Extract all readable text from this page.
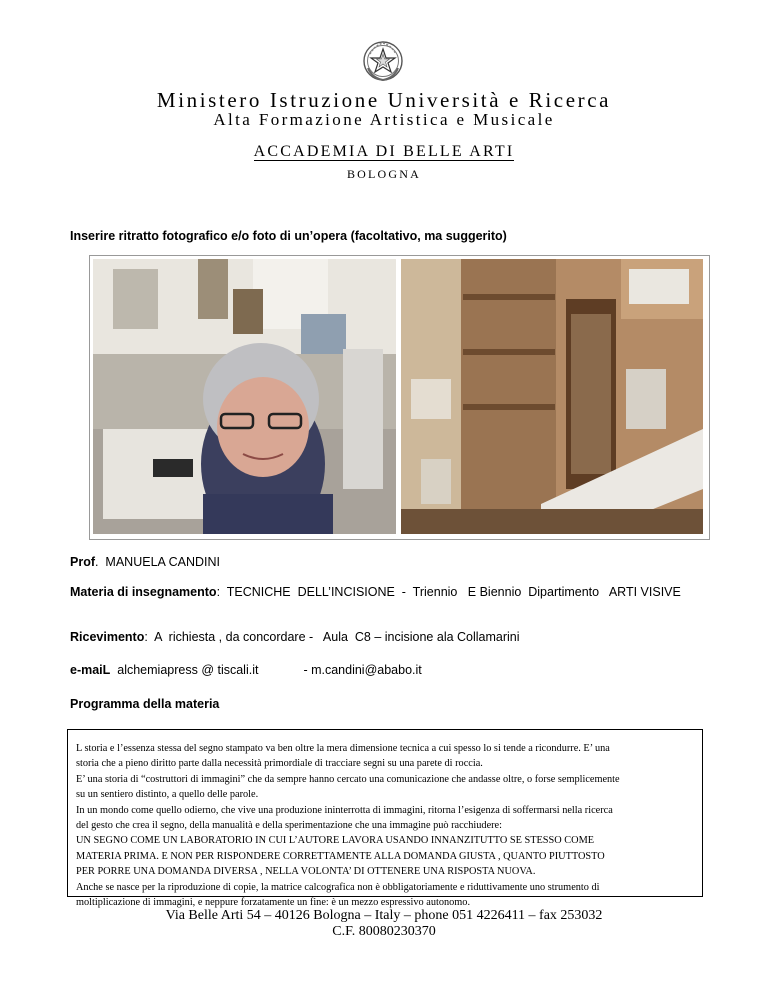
Ministero Istruzione Università e Ricerca
Alta Formazione Artistica e Musicale
ACCADEMIA DI BELLE ARTI
BOLOGNA
Inserire ritratto fotografico e/o foto di un’opera (facoltativo, ma suggerito)
Prof.  MANUELA CANDINI
Materia di insegnamento:  TECNICHE  DELL’INCISIONE  -  Triennio   E Biennio  Dipartimento   ARTI VISIVE
Ricevimento:  A  richiesta , da concordare -   Aula  C8 – incisione ala Collamarini
e-maiL alchemiapress @ tiscali.it	- m.candini@ababo.it
Programma della materia
L storia e l’essenza stessa del segno stampato va ben oltre la mera dimensione tecnica a cui spesso lo si tende a ricondurre. E’ una
storia che a pieno diritto parte dalla necessità primordiale di tracciare segni su una parete di roccia.
E’ una storia di “costruttori di immagini” che da sempre hanno cercato una comunicazione che andasse oltre, o forse semplicemente
su un sentiero distinto, a quello delle parole.
In un mondo come quello odierno, che vive una produzione ininterrotta di immagini, ritorna l’esigenza di soffermarsi nella ricerca
del gesto che crea il segno, della manualità e della sperimentazione che una immagine può racchiudere:
UN SEGNO COME UN LABORATORIO IN CUI L’AUTORE LAVORA USANDO INNANZITUTTO SE STESSO COME
MATERIA PRIMA. E NON PER RISPONDERE CORRETTAMENTE ALLA DOMANDA GIUSTA , QUANTO PIUTTOSTO
PER PORRE UNA DOMANDA DIVERSA , NELLA VOLONTA’ DI OTTENERE UNA RISPOSTA NUOVA.
Anche se nasce per la riproduzione di copie, la matrice calcografica non è obbligatoriamente e riduttivamente uno strumento di
moltiplicazione di immagini, e neppure forzatamente un fine: è un mezzo espressivo autonomo.
Via Belle Arti 54 – 40126 Bologna – Italy – phone 051 4226411 – fax 253032
C.F. 80080230370
